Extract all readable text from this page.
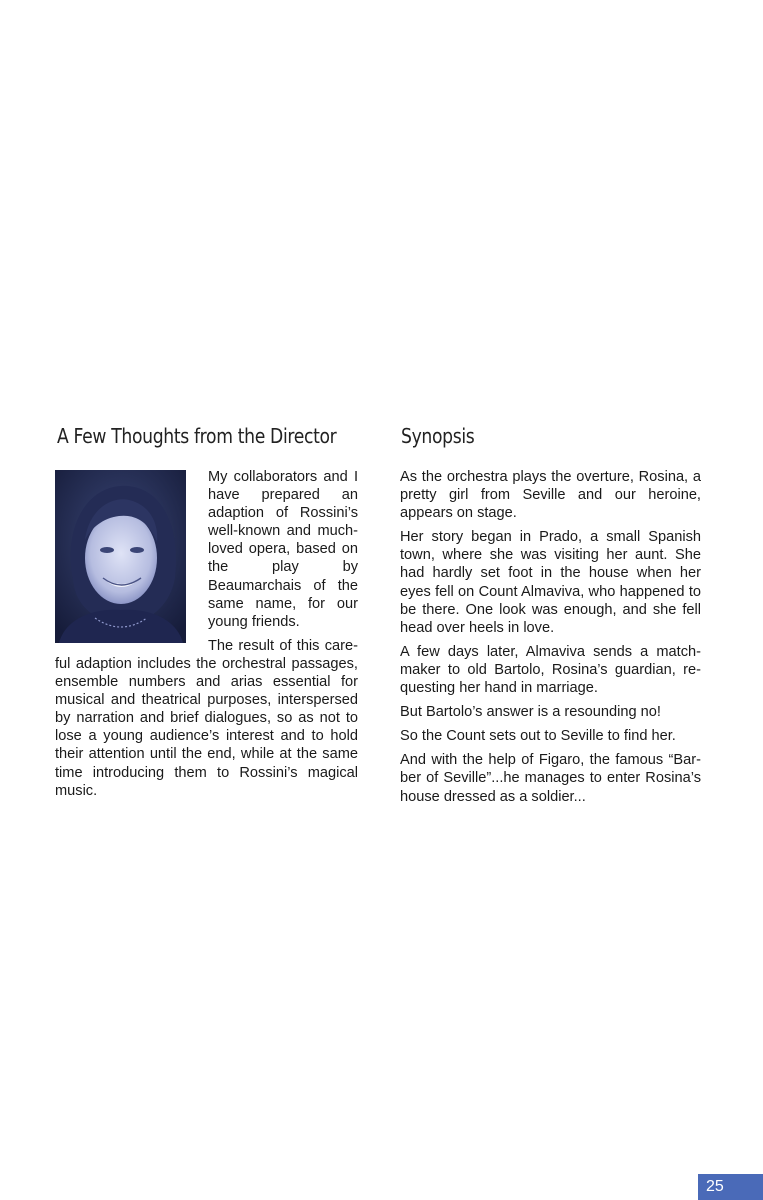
A Few Thoughts from the Director	Synopsis

My collaborators and I have prepared an adaption of Rossini’s well-known and much-loved opera, based on the play by Beaumarchais of the same name, for our young friends.

The result of this careful adaption includes the orchestral passages, ensemble numbers and arias essential for musical and theatrical purposes, interspersed by narration and brief dialogues, so as not to lose a young audience’s interest and to hold their attention until the end, while at the same time introducing them to Rossini’s magical music.

As the orchestra plays the overture, Rosina, a pretty girl from Seville and our heroine, appears on stage.

Her story began in Prado, a small Spanish town, where she was visiting her aunt. She had hardly set foot in the house when her eyes fell on Count Almaviva, who happened to be there. One look was enough, and she fell head over heels in love.

A few days later, Almaviva sends a matchmaker to old Bartolo, Rosina’s guardian, requesting her hand in marriage.

But Bartolo’s answer is a resounding no!

So the Count sets out to Seville to find her.

And with the help of Figaro, the famous “Barber of Seville”...he manages to enter Rosina’s house dressed as a soldier...

25
